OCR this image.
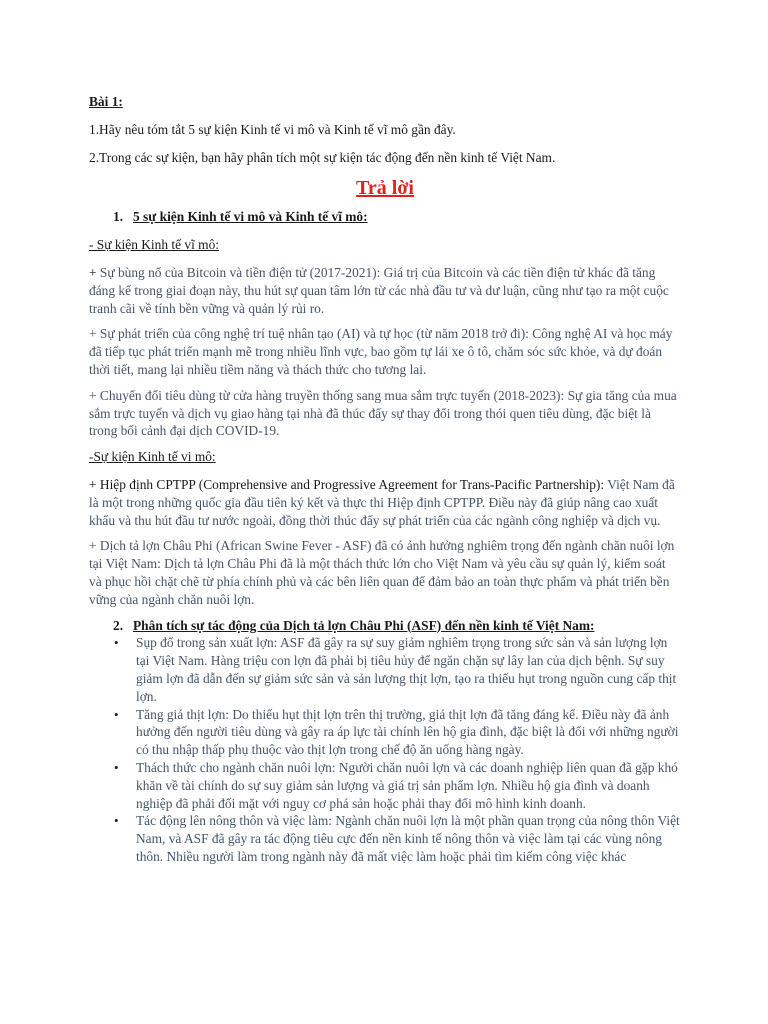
Bài 1:

1.Hãy nêu tóm tắt 5 sự kiện Kinh tế vi mô và Kinh tế vĩ mô gần đây.

2.Trong các sự kiện, bạn hãy phân tích một sự kiện tác động đến nền kinh tế Việt Nam.

Trả lời

1. 5 sự kiện Kinh tế vi mô và Kinh tế vĩ mô:

- Sự kiện Kinh tế vĩ mô:

+ Sự bùng nổ của Bitcoin và tiền điện tử (2017-2021): Giá trị của Bitcoin và các tiền điện tử khác đã tăng đáng kể trong giai đoạn này, thu hút sự quan tâm lớn từ các nhà đầu tư và dư luận, cũng như tạo ra một cuộc tranh cãi về tính bền vững và quản lý rủi ro.

+ Sự phát triển của công nghệ trí tuệ nhân tạo (AI) và tự học (từ năm 2018 trở đi): Công nghệ AI và học máy đã tiếp tục phát triển mạnh mẽ trong nhiều lĩnh vực, bao gồm tự lái xe ô tô, chăm sóc sức khỏe, và dự đoán thời tiết, mang lại nhiều tiềm năng và thách thức cho tương lai.

+ Chuyển đổi tiêu dùng từ cửa hàng truyền thống sang mua sắm trực tuyến (2018-2023): Sự gia tăng của mua sắm trực tuyến và dịch vụ giao hàng tại nhà đã thúc đẩy sự thay đổi trong thói quen tiêu dùng, đặc biệt là trong bối cảnh đại dịch COVID-19.

-Sự kiện Kinh tế vi mô:

+ Hiệp định CPTPP (Comprehensive and Progressive Agreement for Trans-Pacific Partnership): Việt Nam đã là một trong những quốc gia đầu tiên ký kết và thực thi Hiệp định CPTPP. Điều này đã giúp nâng cao xuất khẩu và thu hút đầu tư nước ngoài, đồng thời thúc đẩy sự phát triển của các ngành công nghiệp và dịch vụ.

+ Dịch tả lợn Châu Phi (African Swine Fever - ASF) đã có ảnh hưởng nghiêm trọng đến ngành chăn nuôi lợn tại Việt Nam: Dịch tả lợn Châu Phi đã là một thách thức lớn cho Việt Nam và yêu cầu sự quản lý, kiểm soát và phục hồi chặt chẽ từ phía chính phủ và các bên liên quan để đảm bảo an toàn thực phẩm và phát triển bền vững của ngành chăn nuôi lợn.

2. Phân tích sự tác động của Dịch tả lợn Châu Phi (ASF) đến nền kinh tế Việt Nam:

• Sụp đổ trong sản xuất lợn: ASF đã gây ra sự suy giảm nghiêm trọng trong sức sản và sản lượng lợn tại Việt Nam. Hàng triệu con lợn đã phải bị tiêu hủy để ngăn chặn sự lây lan của dịch bệnh. Sự suy giảm lợn đã dẫn đến sự giảm sức sản và sản lượng thịt lợn, tạo ra thiếu hụt trong nguồn cung cấp thịt lợn.
• Tăng giá thịt lợn: Do thiếu hụt thịt lợn trên thị trường, giá thịt lợn đã tăng đáng kể. Điều này đã ảnh hưởng đến người tiêu dùng và gây ra áp lực tài chính lên hộ gia đình, đặc biệt là đối với những người có thu nhập thấp phụ thuộc vào thịt lợn trong chế độ ăn uống hàng ngày.
• Thách thức cho ngành chăn nuôi lợn: Người chăn nuôi lợn và các doanh nghiệp liên quan đã gặp khó khăn về tài chính do sự suy giảm sản lượng và giá trị sản phẩm lợn. Nhiều hộ gia đình và doanh nghiệp đã phải đối mặt với nguy cơ phá sản hoặc phải thay đổi mô hình kinh doanh.
• Tác động lên nông thôn và việc làm: Ngành chăn nuôi lợn là một phần quan trọng của nông thôn Việt Nam, và ASF đã gây ra tác động tiêu cực đến nền kinh tế nông thôn và việc làm tại các vùng nông thôn. Nhiều người làm trong ngành này đã mất việc làm hoặc phải tìm kiếm công việc khác
